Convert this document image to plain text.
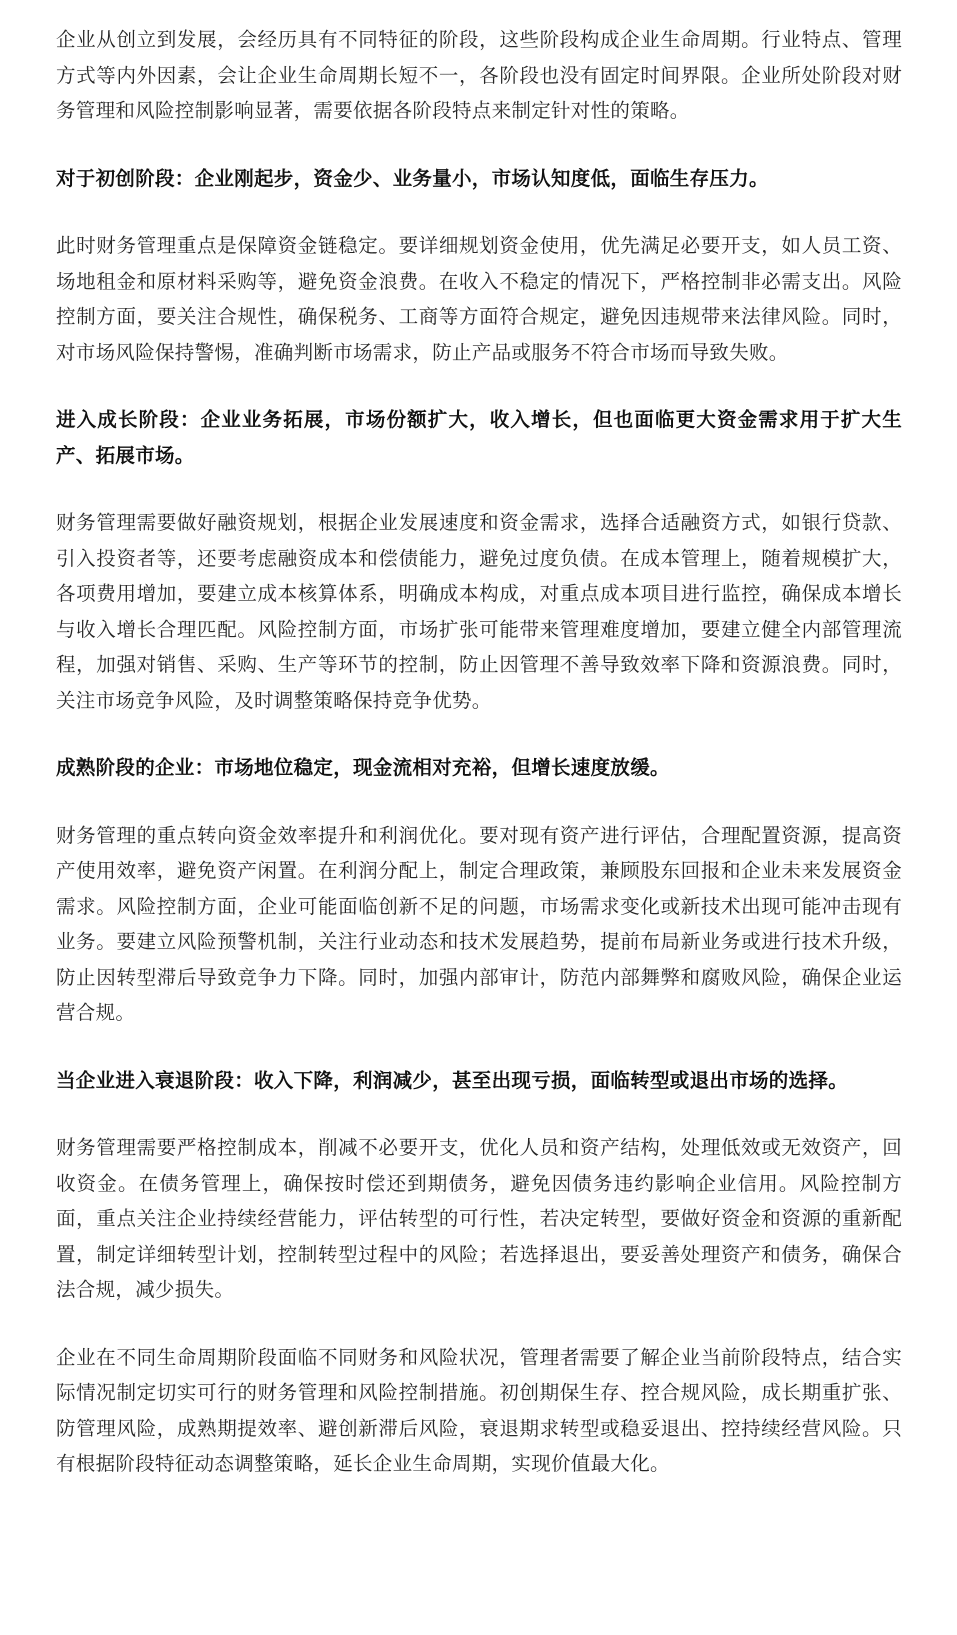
企业从创立到发展，会经历具有不同特征的阶段，这些阶段构成企业生命周期。行业特点、管理方式等内外因素，会让企业生命周期长短不一，各阶段也没有固定时间界限。企业所处阶段对财务管理和风险控制影响显著，需要依据各阶段特点来制定针对性的策略。

对于初创阶段：企业刚起步，资金少、业务量小，市场认知度低，面临生存压力。

此时财务管理重点是保障资金链稳定。要详细规划资金使用，优先满足必要开支，如人员工资、场地租金和原材料采购等，避免资金浪费。在收入不稳定的情况下，严格控制非必需支出。风险控制方面，要关注合规性，确保税务、工商等方面符合规定，避免因违规带来法律风险。同时，对市场风险保持警惕，准确判断市场需求，防止产品或服务不符合市场而导致失败。

进入成长阶段：企业业务拓展，市场份额扩大，收入增长，但也面临更大资金需求用于扩大生产、拓展市场。

财务管理需要做好融资规划，根据企业发展速度和资金需求，选择合适融资方式，如银行贷款、引入投资者等，还要考虑融资成本和偿债能力，避免过度负债。在成本管理上，随着规模扩大，各项费用增加，要建立成本核算体系，明确成本构成，对重点成本项目进行监控，确保成本增长与收入增长合理匹配。风险控制方面，市场扩张可能带来管理难度增加，要建立健全内部管理流程，加强对销售、采购、生产等环节的控制，防止因管理不善导致效率下降和资源浪费。同时，关注市场竞争风险，及时调整策略保持竞争优势。

成熟阶段的企业：市场地位稳定，现金流相对充裕，但增长速度放缓。

财务管理的重点转向资金效率提升和利润优化。要对现有资产进行评估，合理配置资源，提高资产使用效率，避免资产闲置。在利润分配上，制定合理政策，兼顾股东回报和企业未来发展资金需求。风险控制方面，企业可能面临创新不足的问题，市场需求变化或新技术出现可能冲击现有业务。要建立风险预警机制，关注行业动态和技术发展趋势，提前布局新业务或进行技术升级，防止因转型滞后导致竞争力下降。同时，加强内部审计，防范内部舞弊和腐败风险，确保企业运营合规。

当企业进入衰退阶段：收入下降，利润减少，甚至出现亏损，面临转型或退出市场的选择。

财务管理需要严格控制成本，削减不必要开支，优化人员和资产结构，处理低效或无效资产，回收资金。在债务管理上，确保按时偿还到期债务，避免因债务违约影响企业信用。风险控制方面，重点关注企业持续经营能力，评估转型的可行性，若决定转型，要做好资金和资源的重新配置，制定详细转型计划，控制转型过程中的风险；若选择退出，要妥善处理资产和债务，确保合法合规，减少损失。

企业在不同生命周期阶段面临不同财务和风险状况，管理者需要了解企业当前阶段特点，结合实际情况制定切实可行的财务管理和风险控制措施。初创期保生存、控合规风险，成长期重扩张、防管理风险，成熟期提效率、避创新滞后风险，衰退期求转型或稳妥退出、控持续经营风险。只有根据阶段特征动态调整策略，延长企业生命周期，实现价值最大化。
